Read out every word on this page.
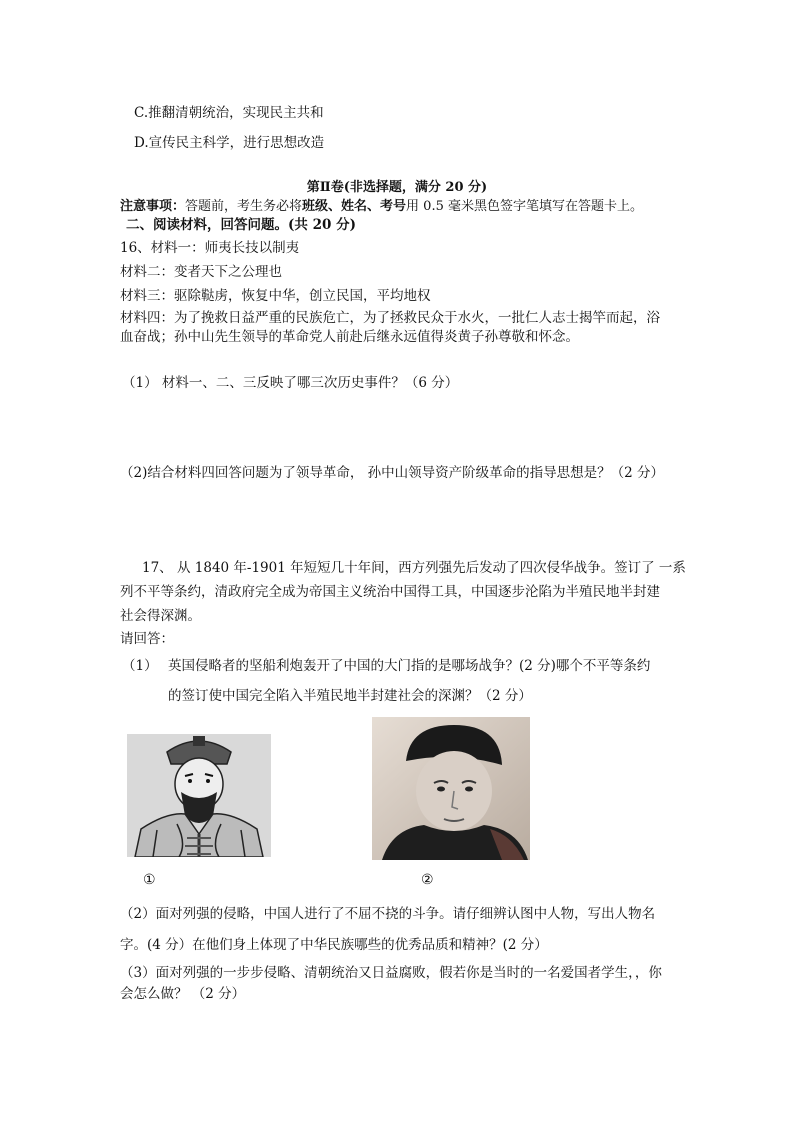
C.推翻清朝统治，实现民主共和
D.宣传民主科学，进行思想改造
第Ⅱ卷(非选择题，满分 20 分)
注意事项：答题前，考生务必将班级、姓名、考号用 0.5 毫米黑色签字笔填写在答题卡上。
二、阅读材料，回答问题。(共 20 分)
16、材料一：师夷长技以制夷
材料二：变者天下之公理也
材料三：驱除鞑虏，恢复中华，创立民国，平均地权
材料四：为了挽救日益严重的民族危亡，为了拯救民众于水火，一批仁人志士揭竿而起，浴
血奋战；孙中山先生领导的革命党人前赴后继永远值得炎黄子孙尊敬和怀念。
（1） 材料一、二、三反映了哪三次历史事件？（6 分）
（2)结合材料四回答问题为了领导革命， 孙中山领导资产阶级革命的指导思想是？（2 分）
17、 从 1840 年-1901 年短短几十年间，西方列强先后发动了四次侵华战争。签订了 一系
列不平等条约，清政府完全成为帝国主义统治中国得工具，中国逐步沦陷为半殖民地半封建
社会得深渊。
请回答：
（1） 英国侵略者的坚船利炮轰开了中国的大门指的是哪场战争？(2 分)哪个不平等条约
的签订使中国完全陷入半殖民地半封建社会的深渊？（2 分）
①	②
（2）面对列强的侵略，中国人进行了不屈不挠的斗争。请仔细辨认图中人物，写出人物名
字。(4 分）在他们身上体现了中华民族哪些的优秀品质和精神？(2 分）
（3）面对列强的一步步侵略、清朝统治又日益腐败，假若你是当时的一名爱国者学生，，你
会怎么做？ （2 分）
